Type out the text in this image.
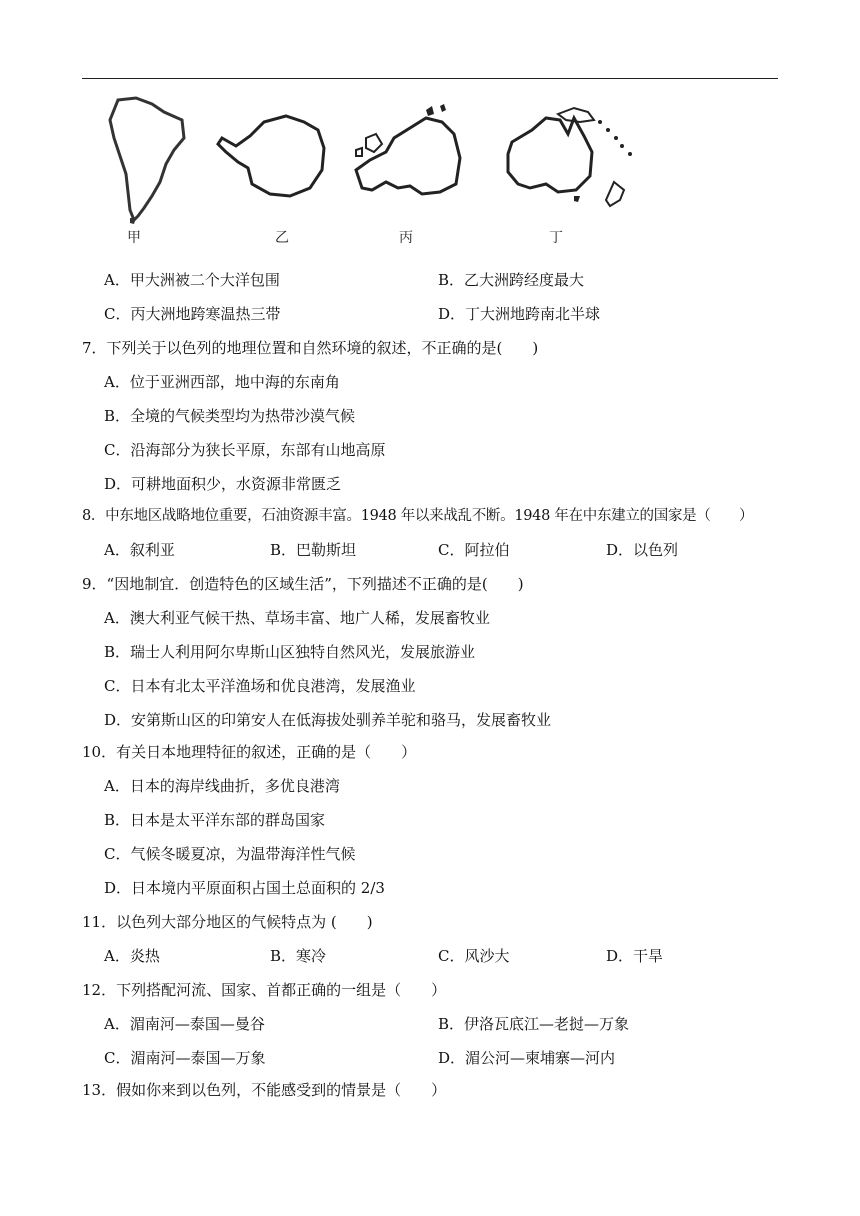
甲	乙	丙	丁
A．甲大洲被二个大洋包围	B．乙大洲跨经度最大
C．丙大洲地跨寒温热三带	D．丁大洲地跨南北半球
7．下列关于以色列的地理位置和自然环境的叙述，不正确的是(　　)
A．位于亚洲西部，地中海的东南角
B．全境的气候类型均为热带沙漠气候
C．沿海部分为狭长平原，东部有山地高原
D．可耕地面积少，水资源非常匮乏
8．中东地区战略地位重要，石油资源丰富。1948 年以来战乱不断。1948 年在中东建立的国家是（　　）
A．叙利亚	B．巴勒斯坦	C．阿拉伯	D．以色列
9．“因地制宜．创造特色的区域生活”，下列描述不正确的是(　　)
A．澳大利亚气候干热、草场丰富、地广人稀，发展畜牧业
B．瑞士人利用阿尔卑斯山区独特自然风光，发展旅游业
C．日本有北太平洋渔场和优良港湾，发展渔业
D．安第斯山区的印第安人在低海拔处驯养羊驼和骆马，发展畜牧业
10．有关日本地理特征的叙述，正确的是（　　）
A．日本的海岸线曲折，多优良港湾
B．日本是太平洋东部的群岛国家
C．气候冬暖夏凉，为温带海洋性气候
D．日本境内平原面积占国土总面积的 2/3
11．以色列大部分地区的气候特点为 (　　)
A．炎热	B．寒冷	C．风沙大	D．干旱
12．下列搭配河流、国家、首都正确的一组是（　　）
A．湄南河—泰国—曼谷	B．伊洛瓦底江—老挝—万象
C．湄南河—泰国—万象	D．湄公河—柬埔寨—河内
13．假如你来到以色列，不能感受到的情景是（　　）
